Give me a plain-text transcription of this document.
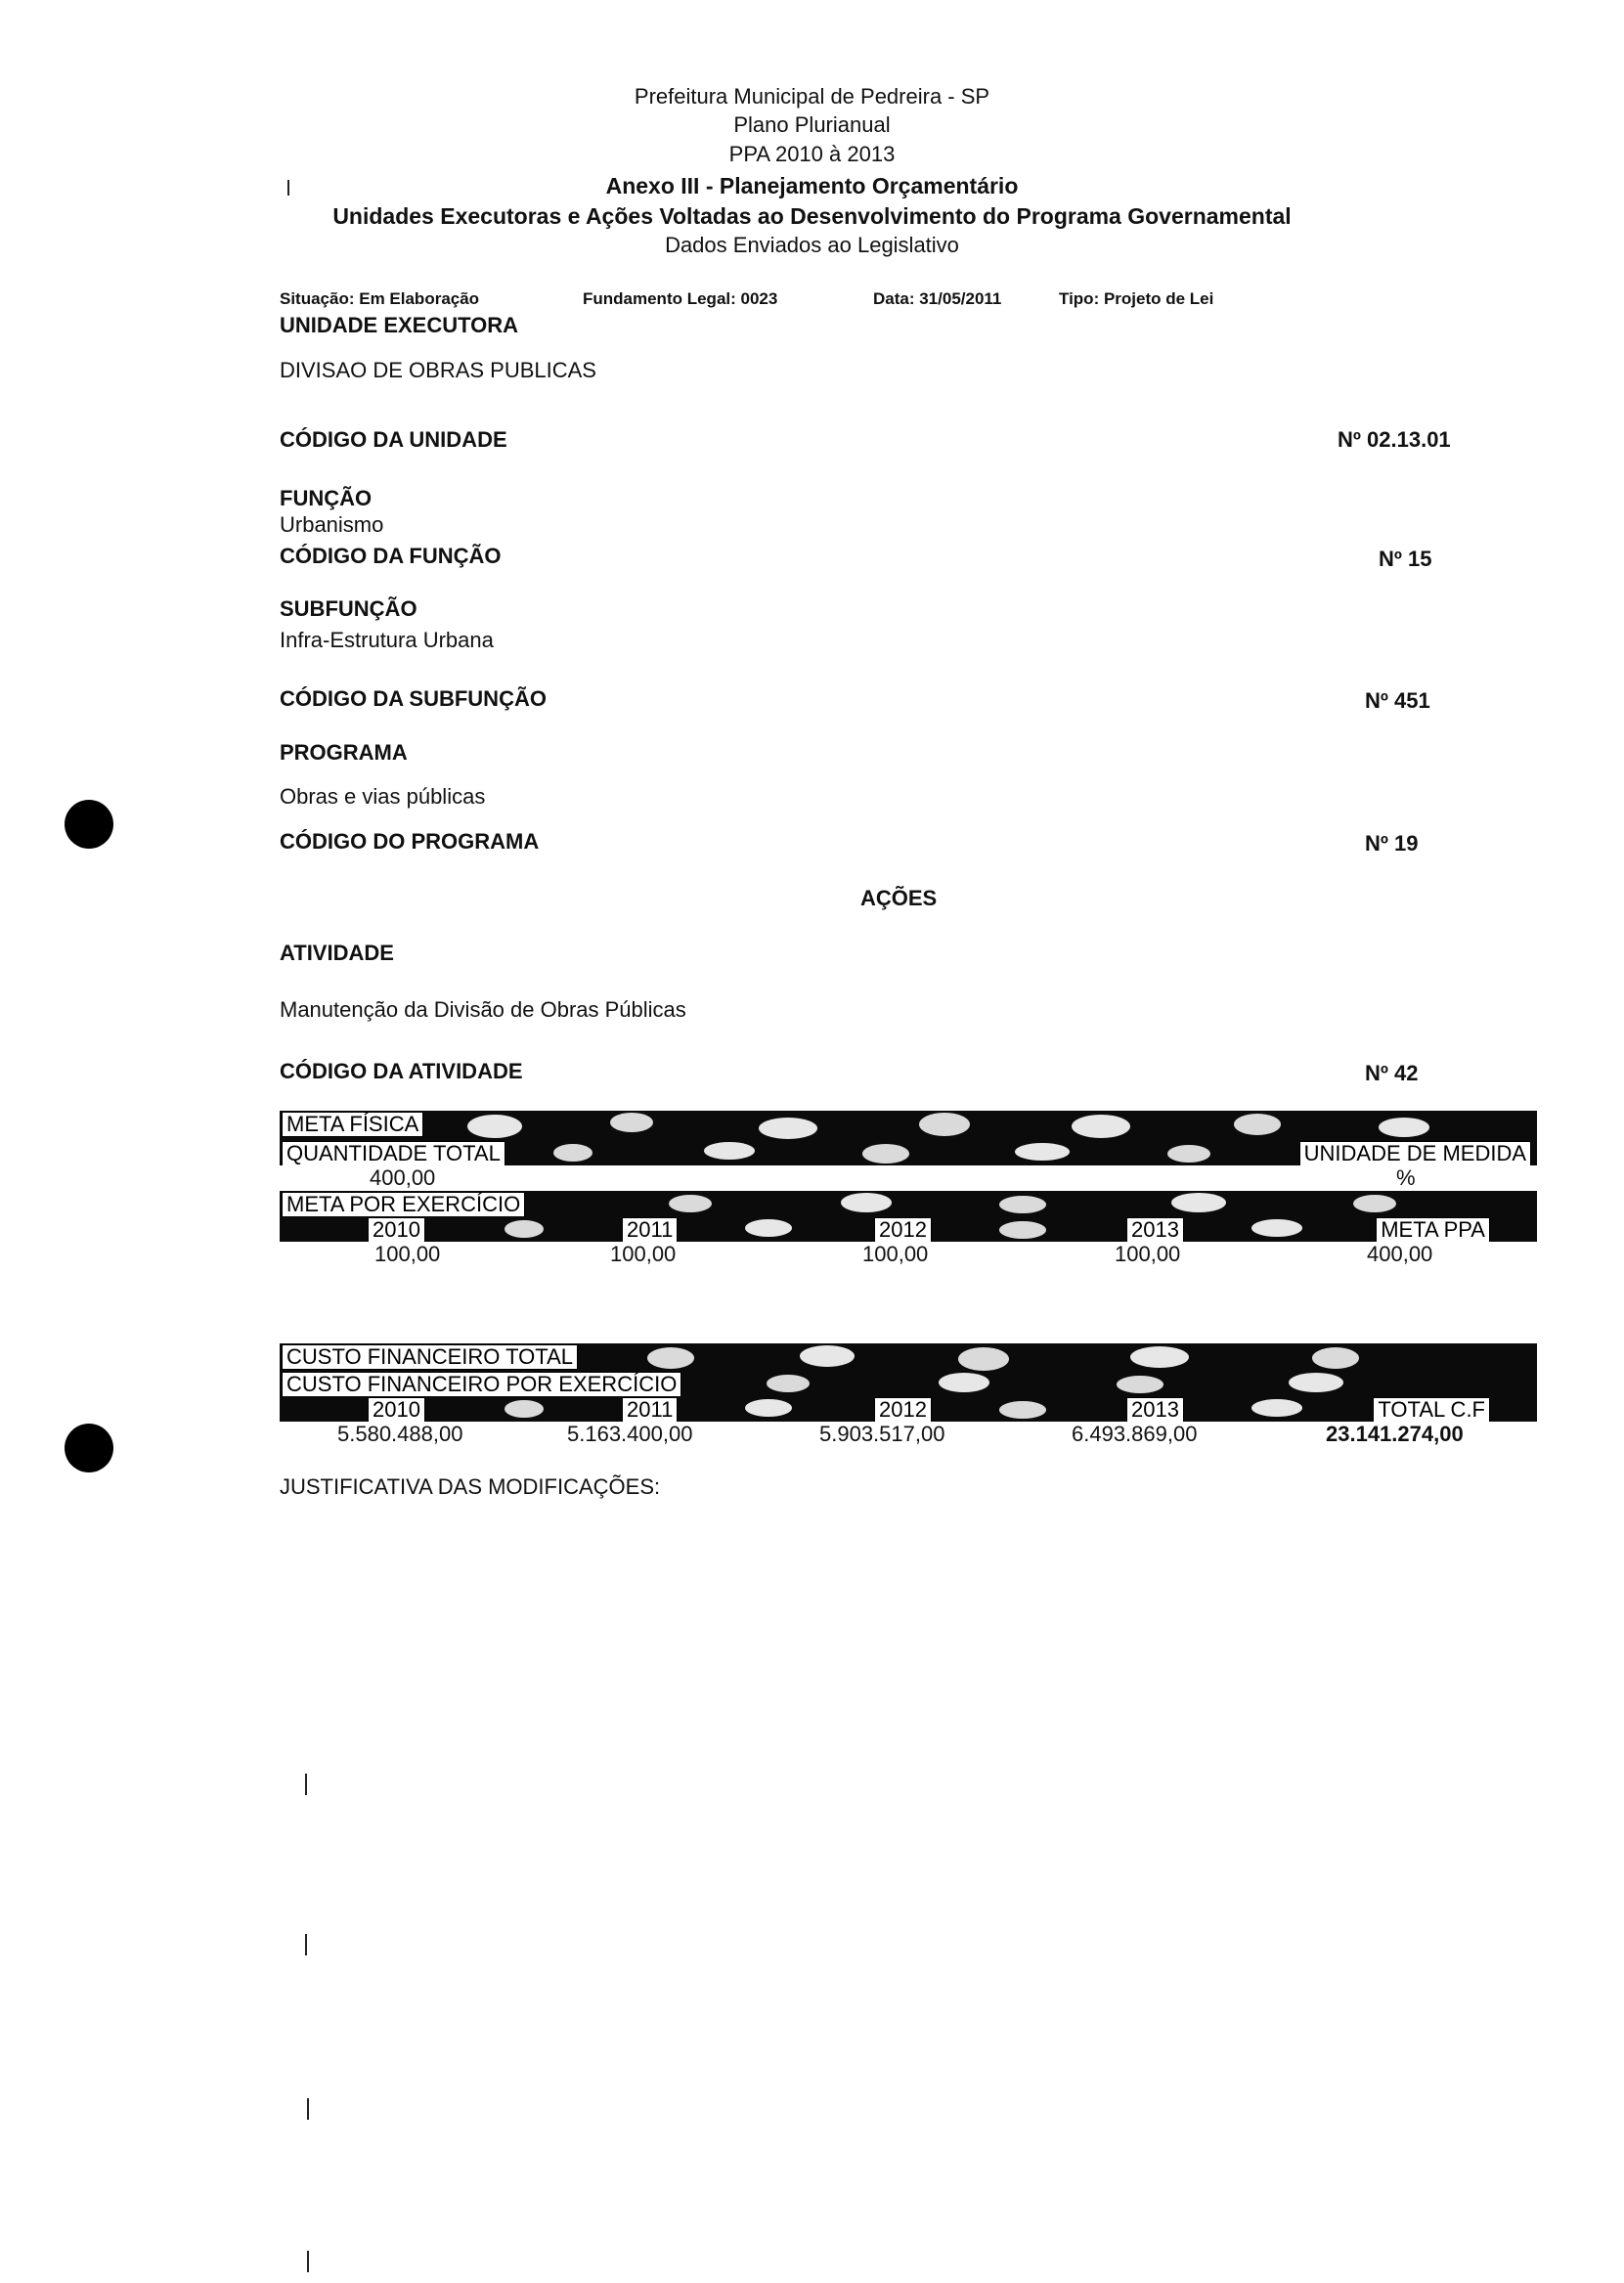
Prefeitura Municipal de Pedreira - SP
Plano Plurianual
PPA 2010 à 2013
Anexo III - Planejamento Orçamentário
Unidades Executoras e Ações Voltadas ao Desenvolvimento do Programa Governamental
Dados Enviados ao Legislativo
Situação: Em Elaboração	Fundamento Legal: 0023	Data: 31/05/2011	Tipo: Projeto de Lei
UNIDADE EXECUTORA
DIVISAO DE OBRAS PUBLICAS
CÓDIGO DA UNIDADE	Nº 02.13.01
FUNÇÃO
Urbanismo
CÓDIGO DA FUNÇÃO	Nº 15
SUBFUNÇÃO
Infra-Estrutura Urbana
CÓDIGO DA SUBFUNÇÃO	Nº 451
PROGRAMA
Obras e vias públicas
CÓDIGO DO PROGRAMA	Nº 19
AÇÕES
ATIVIDADE
Manutenção da Divisão de Obras Públicas
CÓDIGO DA ATIVIDADE	Nº 42
META FÍSICA
QUANTIDADE TOTAL	UNIDADE DE MEDIDA
400,00	%
META POR EXERCÍCIO
2010	2011	2012	2013	META PPA
100,00	100,00	100,00	100,00	400,00
CUSTO FINANCEIRO TOTAL
CUSTO FINANCEIRO POR EXERCÍCIO
2010	2011	2012	2013	TOTAL C.F
5.580.488,00	5.163.400,00	5.903.517,00	6.493.869,00	23.141.274,00
JUSTIFICATIVA DAS MODIFICAÇÕES:
